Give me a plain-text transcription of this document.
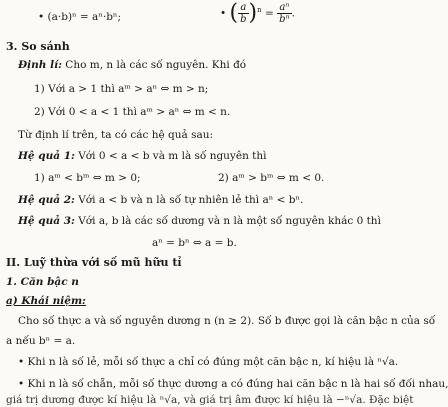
• (a·b)ⁿ = aⁿ·bⁿ;	• ( $\frac{a}{b} )^n = \frac{\text{aⁿ}}{\text{bⁿ}}$ .
3. So sánh
Định lí: Cho m, n là các số nguyên. Khi đó
1) Với a > 1 thì aᵐ > aⁿ ⇔ m > n;
2) Với 0 < a < 1 thì aᵐ > aⁿ ⇔ m < n.
Từ định lí trên, ta có các hệ quả sau:
Hệ quả 1: Với 0 < a < b và m là số nguyên thì
1) aᵐ < bᵐ ⇔ m > 0;	2) aᵐ > bᵐ ⇔ m < 0.
Hệ quả 2: Với a < b và n là số tự nhiên lẻ thì aⁿ < bⁿ.
Hệ quả 3: Với a, b là các số dương và n là một số nguyên khác 0 thì
aⁿ = bⁿ ⇔ a = b.
II. Luỹ thừa với số mũ hữu tỉ
1. Căn bậc n
a) Khái niệm:
Cho số thực a và số nguyên dương n (n ≥ 2). Số b được gọi là căn bậc n của số
a nếu bⁿ = a.
• Khi n là số lẻ, mỗi số thực a chỉ có đúng một căn bậc n, kí hiệu là ⁿ√a.
• Khi n là số chẵn, mỗi số thực dương a có đúng hai căn bậc n là hai số đối nhau,
giá trị dương được kí hiệu là ⁿ√a, và giá trị âm được kí hiệu là −ⁿ√a. Đặc biệt
